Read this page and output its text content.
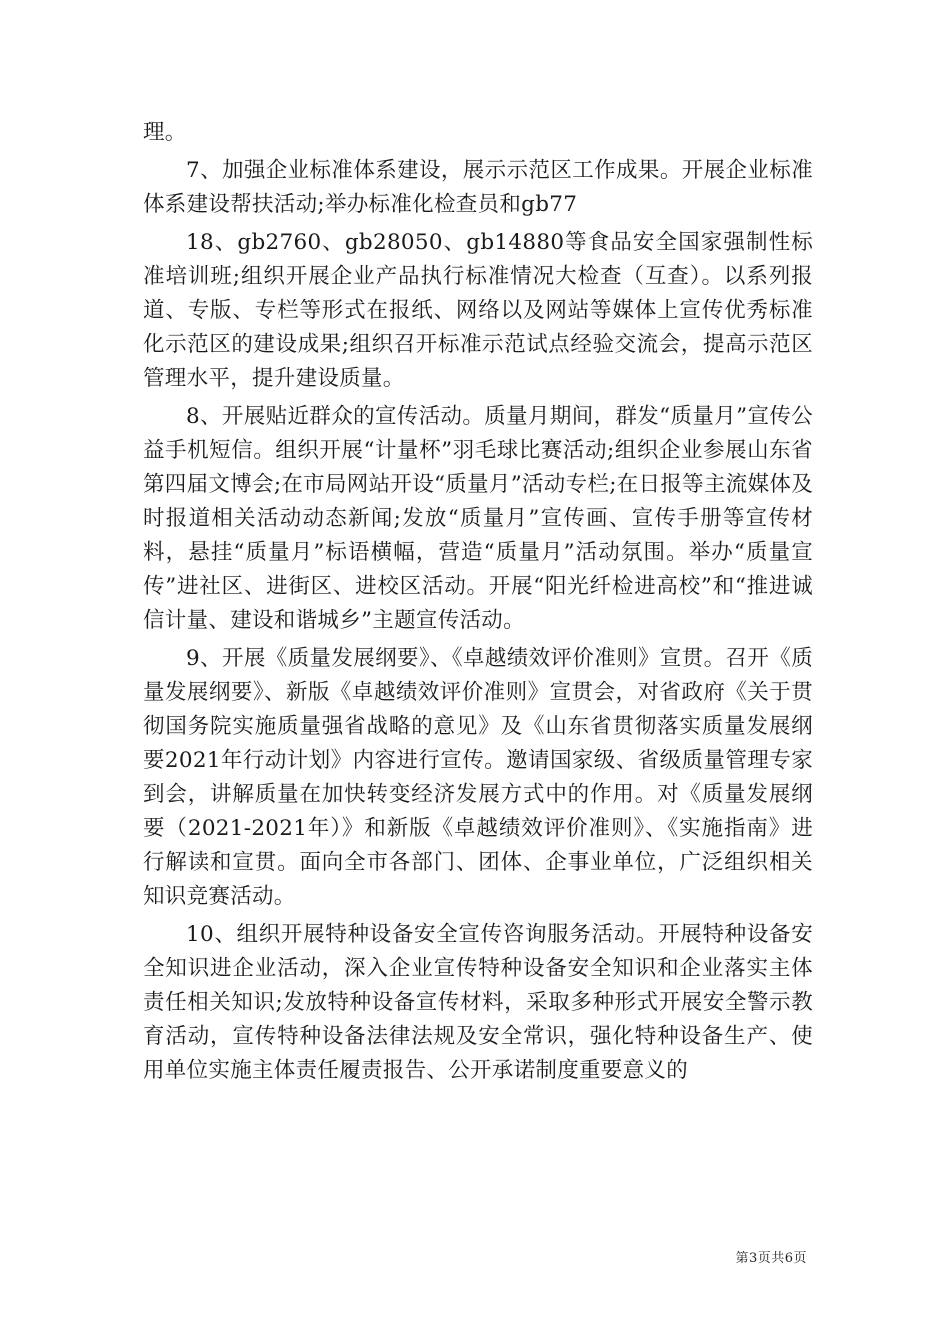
理。

7、加强企业标准体系建设，展示示范区工作成果。开展企业标准体系建设帮扶活动;举办标准化检查员和gb77

18、gb2760、gb28050、gb14880等食品安全国家强制性标准培训班;组织开展企业产品执行标准情况大检查（互查）。以系列报道、专版、专栏等形式在报纸、网络以及网站等媒体上宣传优秀标准化示范区的建设成果;组织召开标准示范试点经验交流会，提高示范区管理水平，提升建设质量。

8、开展贴近群众的宣传活动。质量月期间，群发“质量月”宣传公益手机短信。组织开展“计量杯”羽毛球比赛活动;组织企业参展山东省第四届文博会;在市局网站开设“质量月”活动专栏;在日报等主流媒体及时报道相关活动动态新闻;发放“质量月”宣传画、宣传手册等宣传材料，悬挂“质量月”标语横幅，营造“质量月”活动氛围。举办“质量宣传”进社区、进街区、进校区活动。开展“阳光纤检进高校”和“推进诚信计量、建设和谐城乡”主题宣传活动。

9、开展《质量发展纲要》、《卓越绩效评价准则》宣贯。召开《质量发展纲要》、新版《卓越绩效评价准则》宣贯会，对省政府《关于贯彻国务院实施质量强省战略的意见》及《山东省贯彻落实质量发展纲要2021年行动计划》内容进行宣传。邀请国家级、省级质量管理专家到会，讲解质量在加快转变经济发展方式中的作用。对《质量发展纲要（2021-2021年）》和新版《卓越绩效评价准则》、《实施指南》进行解读和宣贯。面向全市各部门、团体、企事业单位，广泛组织相关知识竞赛活动。

10、组织开展特种设备安全宣传咨询服务活动。开展特种设备安全知识进企业活动，深入企业宣传特种设备安全知识和企业落实主体责任相关知识;发放特种设备宣传材料，采取多种形式开展安全警示教育活动，宣传特种设备法律法规及安全常识，强化特种设备生产、使用单位实施主体责任履责报告、公开承诺制度重要意义的

第3页共6页
